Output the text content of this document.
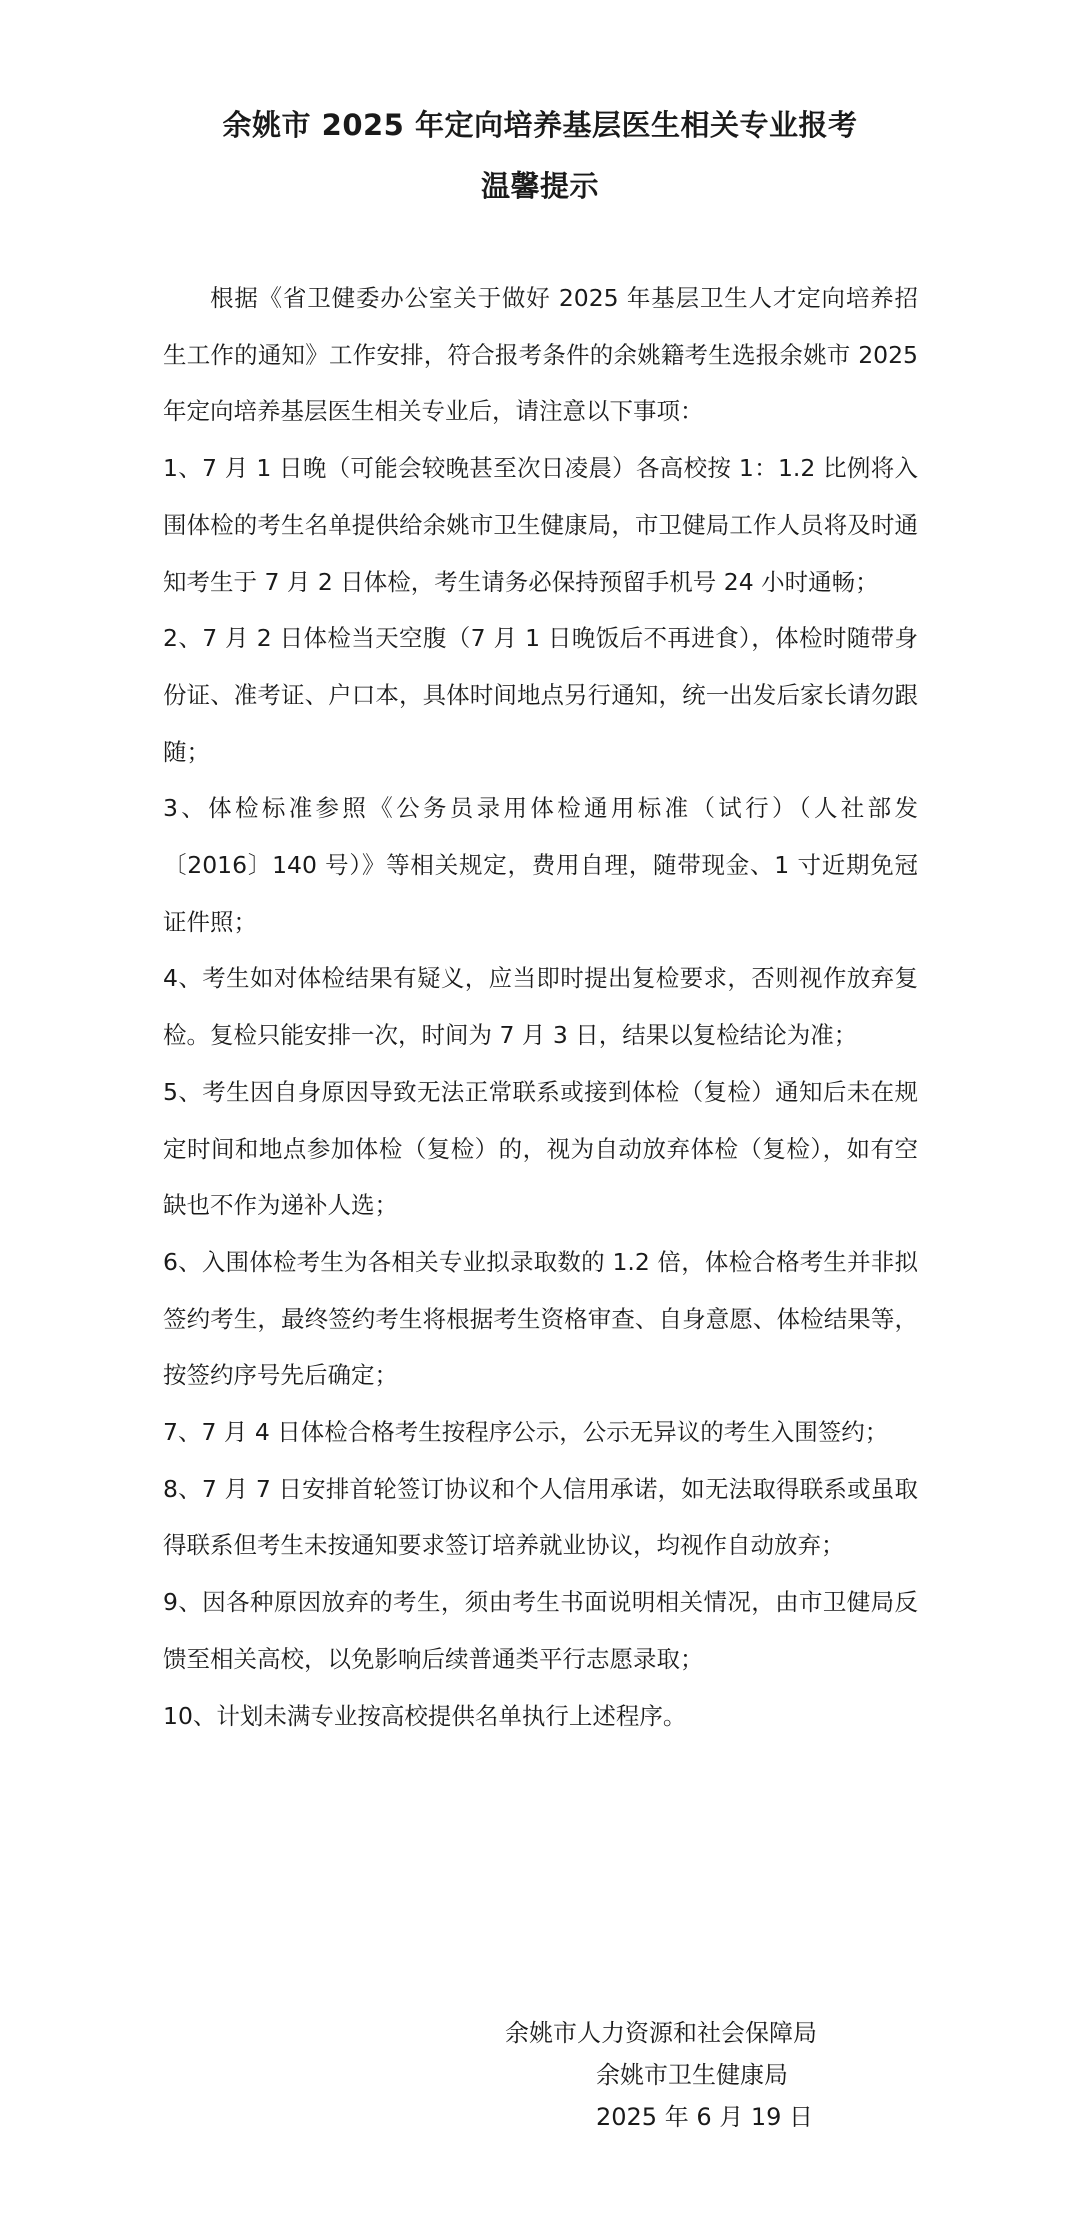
余姚市 2025 年定向培养基层医生相关专业报考
温馨提示

根据《省卫健委办公室关于做好 2025 年基层卫生人才定向培养招生工作的通知》工作安排，符合报考条件的余姚籍考生选报余姚市 2025 年定向培养基层医生相关专业后，请注意以下事项：

1、7 月 1 日晚（可能会较晚甚至次日凌晨）各高校按 1：1.2 比例将入围体检的考生名单提供给余姚市卫生健康局，市卫健局工作人员将及时通知考生于 7 月 2 日体检，考生请务必保持预留手机号 24 小时通畅；

2、7 月 2 日体检当天空腹（7 月 1 日晚饭后不再进食），体检时随带身份证、准考证、户口本，具体时间地点另行通知，统一出发后家长请勿跟随；

3、体检标准参照《公务员录用体检通用标准（试行）（人社部发〔2016〕140 号）》等相关规定，费用自理，随带现金、1 寸近期免冠证件照；

4、考生如对体检结果有疑义，应当即时提出复检要求，否则视作放弃复检。复检只能安排一次，时间为 7 月 3 日，结果以复检结论为准；

5、考生因自身原因导致无法正常联系或接到体检（复检）通知后未在规定时间和地点参加体检（复检）的，视为自动放弃体检（复检），如有空缺也不作为递补人选；

6、入围体检考生为各相关专业拟录取数的 1.2 倍，体检合格考生并非拟签约考生，最终签约考生将根据考生资格审查、自身意愿、体检结果等，按签约序号先后确定；

7、7 月 4 日体检合格考生按程序公示，公示无异议的考生入围签约；

8、7 月 7 日安排首轮签订协议和个人信用承诺，如无法取得联系或虽取得联系但考生未按通知要求签订培养就业协议，均视作自动放弃；

9、因各种原因放弃的考生，须由考生书面说明相关情况，由市卫健局反馈至相关高校，以免影响后续普通类平行志愿录取；

10、计划未满专业按高校提供名单执行上述程序。

余姚市人力资源和社会保障局
余姚市卫生健康局
2025 年 6 月 19 日
